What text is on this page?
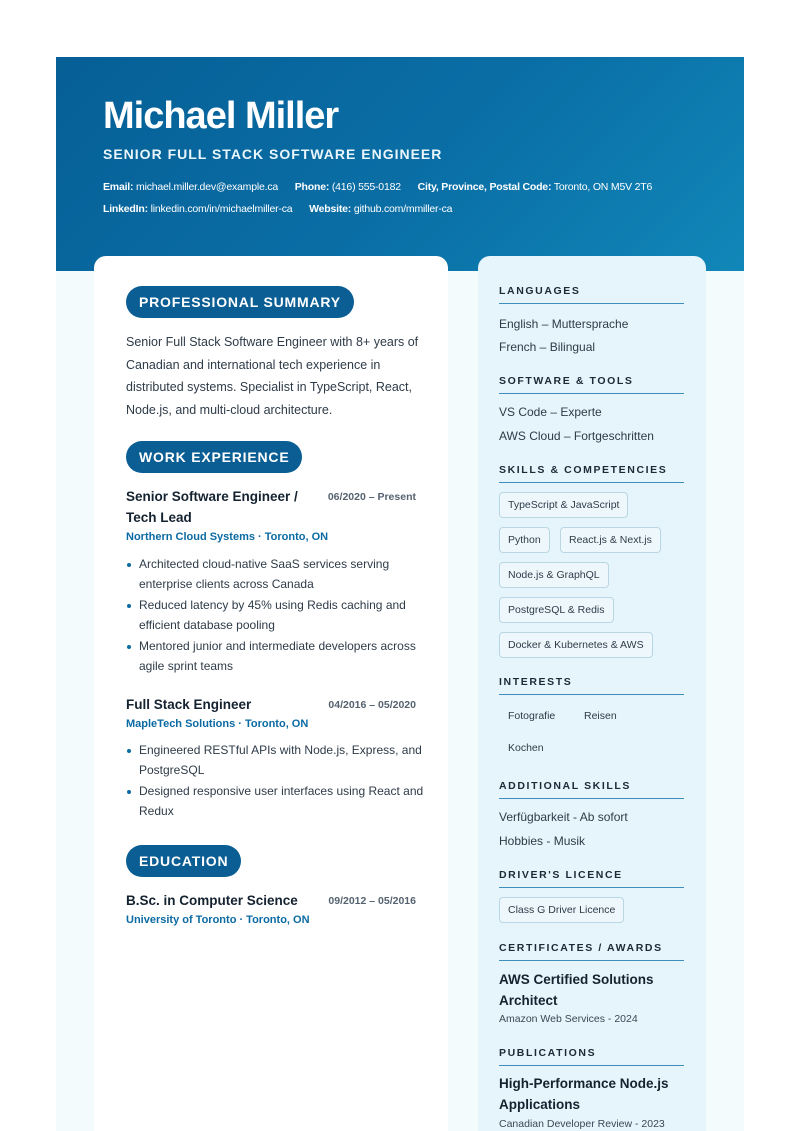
Michael Miller
SENIOR FULL STACK SOFTWARE ENGINEER
Email: michael.miller.dev@example.ca Phone: (416) 555-0182 City, Province, Postal Code: Toronto, ON M5V 2T6
LinkedIn: linkedin.com/in/michaelmiller-ca Website: github.com/mmiller-ca
PROFESSIONAL SUMMARY

Senior Full Stack Software Engineer with 8+ years of Canadian and international tech experience in distributed systems. Specialist in TypeScript, React, Node.js, and multi-cloud architecture.

WORK EXPERIENCE
Senior Software Engineer / Tech Lead
06/2020 – Present
Northern Cloud Systems · Toronto, ON
Architected cloud-native SaaS services serving enterprise clients across Canada
Reduced latency by 45% using Redis caching and efficient database pooling
Mentored junior and intermediate developers across agile sprint teams
Full Stack Engineer	04/2016 – 05/2020
MapleTech Solutions · Toronto, ON
Engineered RESTful APIs with Node.js, Express, and PostgreSQL
Designed responsive user interfaces using React and Redux
EDUCATION
B.Sc. in Computer Science	09/2012 – 05/2016
University of Toronto · Toronto, ON
LANGUAGES
English – Muttersprache
French – Bilingual
SOFTWARE & TOOLS
VS Code – Experte
AWS Cloud – Fortgeschritten
SKILLS & COMPETENCIES
TypeScript & JavaScript
Python	React.js & Next.js
Node.js & GraphQL
PostgreSQL & Redis
Docker & Kubernetes & AWS
INTERESTS
Fotografie	Reisen
Kochen
ADDITIONAL SKILLS
Verfügbarkeit - Ab sofort
Hobbies - Musik
DRIVER'S LICENCE
Class G Driver Licence
CERTIFICATES / AWARDS
AWS Certified Solutions Architect
Amazon Web Services - 2024
PUBLICATIONS
High-Performance Node.js Applications
Canadian Developer Review - 2023
